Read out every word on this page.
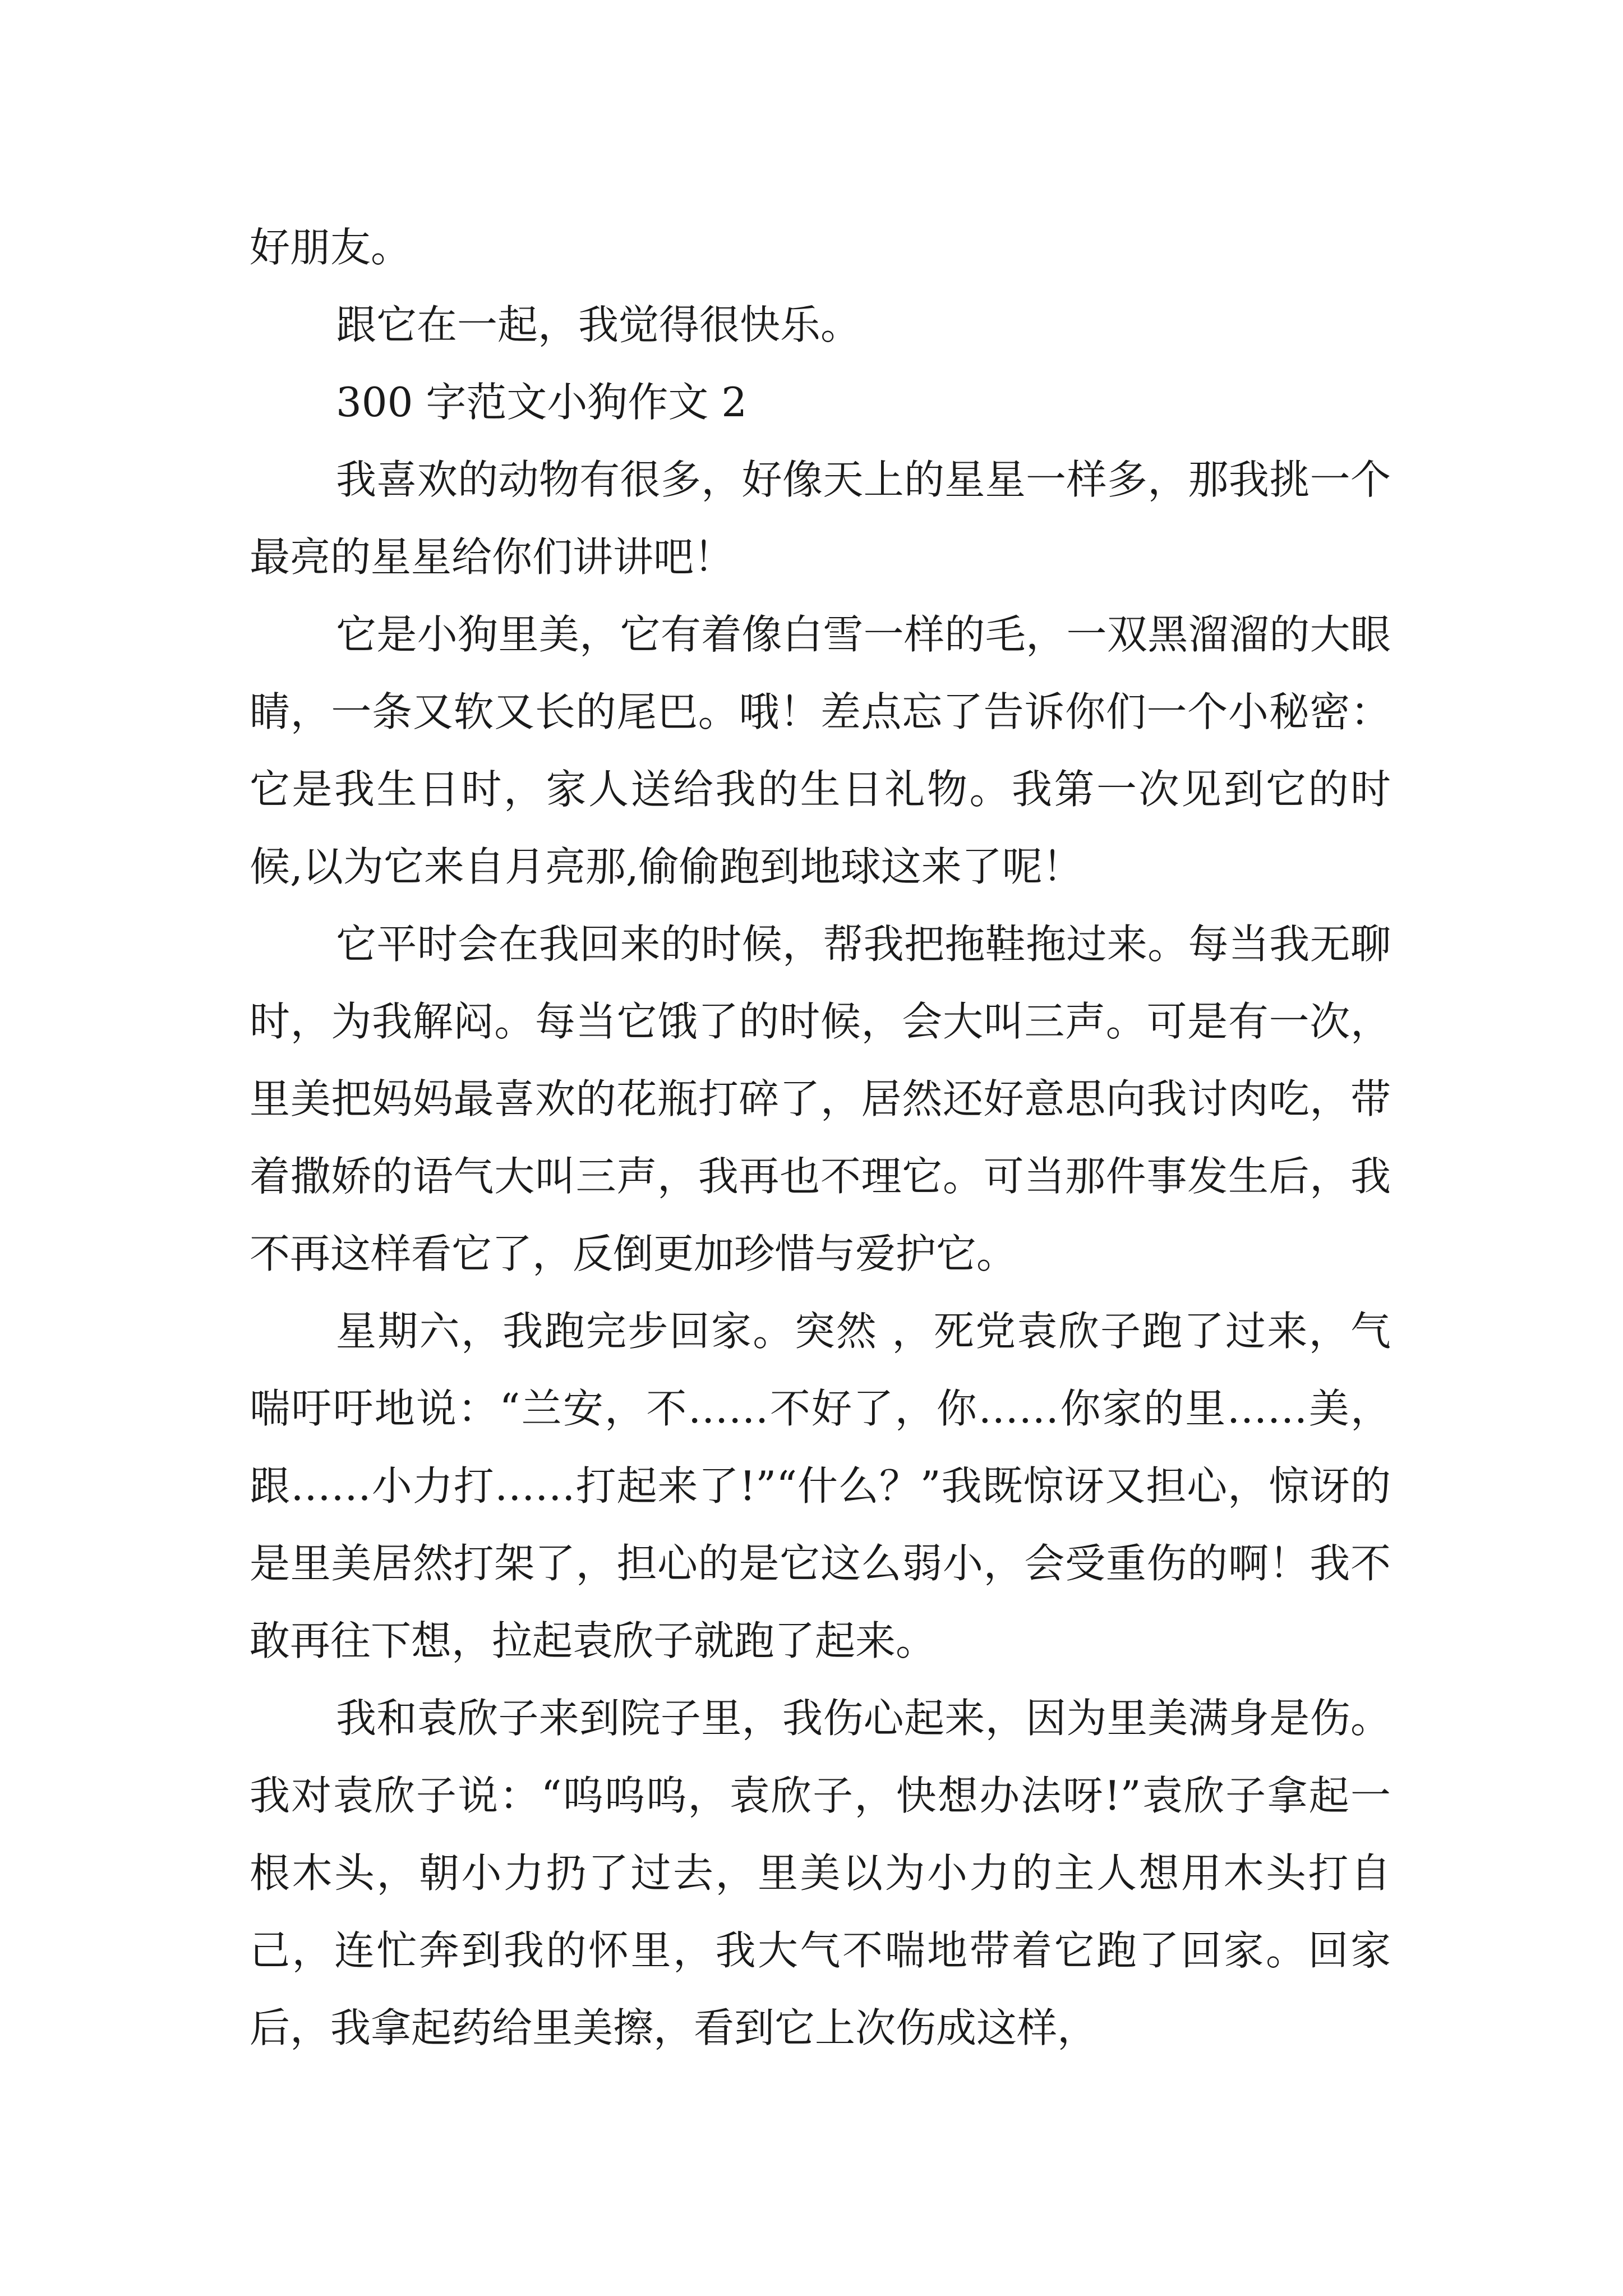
好朋友。

跟它在一起，我觉得很快乐。

300 字范文小狗作文 2

我喜欢的动物有很多，好像天上的星星一样多，那我挑一个最亮的星星给你们讲讲吧！

它是小狗里美，它有着像白雪一样的毛，一双黑溜溜的大眼睛，一条又软又长的尾巴。哦！差点忘了告诉你们一个小秘密：它是我生日时，家人送给我的生日礼物。我第一次见到它的时候,以为它来自月亮那,偷偷跑到地球这来了呢！

它平时会在我回来的时候，帮我把拖鞋拖过来。每当我无聊时，为我解闷。每当它饿了的时候，会大叫三声。可是有一次，里美把妈妈最喜欢的花瓶打碎了，居然还好意思向我讨肉吃，带着撒娇的语气大叫三声，我再也不理它。可当那件事发生后，我不再这样看它了，反倒更加珍惜与爱护它。

星期六，我跑完步回家。突然 ，死党袁欣子跑了过来，气喘吁吁地说：“兰安，不……不好了，你……你家的里……美，跟……小力打……打起来了!”“什么？”我既惊讶又担心，惊讶的是里美居然打架了，担心的是它这么弱小，会受重伤的啊！我不敢再往下想，拉起袁欣子就跑了起来。

我和袁欣子来到院子里，我伤心起来，因为里美满身是伤。我对袁欣子说：“呜呜呜，袁欣子，快想办法呀!”袁欣子拿起一根木头，朝小力扔了过去，里美以为小力的主人想用木头打自己，连忙奔到我的怀里，我大气不喘地带着它跑了回家。回家后，我拿起药给里美擦，看到它上次伤成这样，
